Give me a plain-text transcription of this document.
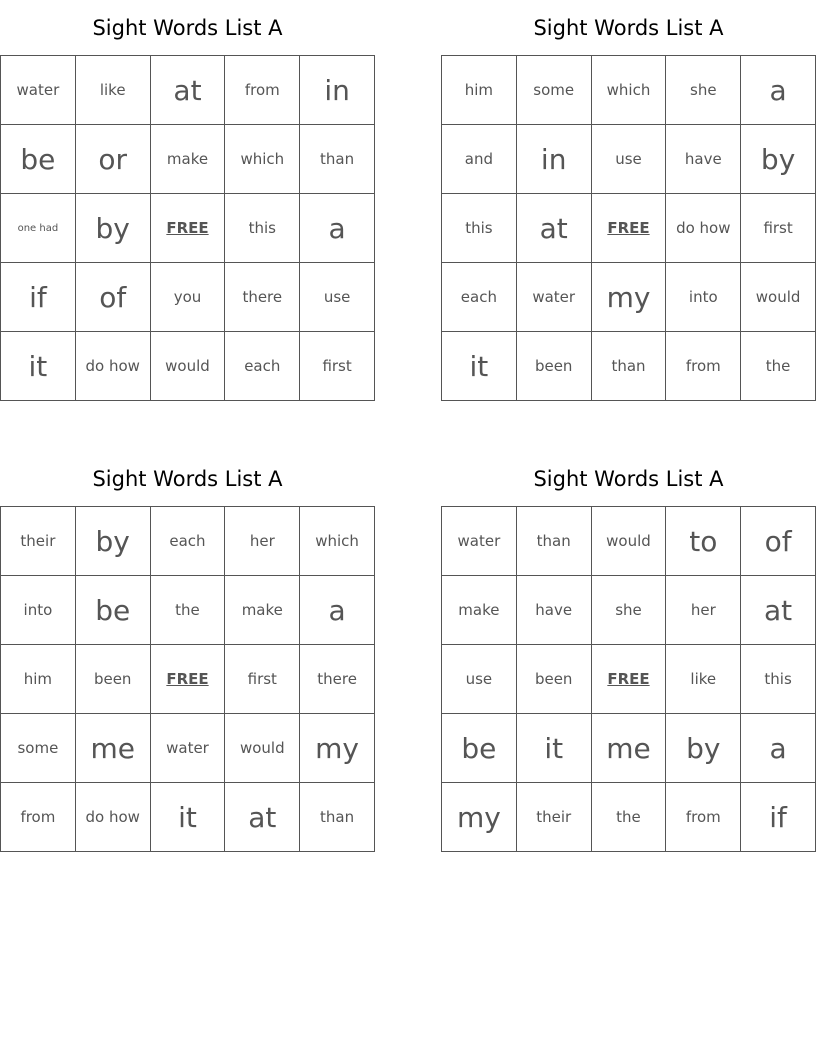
Sight Words List A
water	like	at	from	in
be	or	make	which	than
one had	by	FREE	this	a
if	of	you	there	use
it	do how	would	each	first
Sight Words List A
him	some	which	she	a
and	in	use	have	by
this	at	FREE	do how	first
each	water	my	into	would
it	been	than	from	the
Sight Words List A
their	by	each	her	which
into	be	the	make	a
him	been	FREE	first	there
some	me	water	would	my
from	do how	it	at	than
Sight Words List A
water	than	would	to	of
make	have	she	her	at
use	been	FREE	like	this
be	it	me	by	a
my	their	the	from	if
